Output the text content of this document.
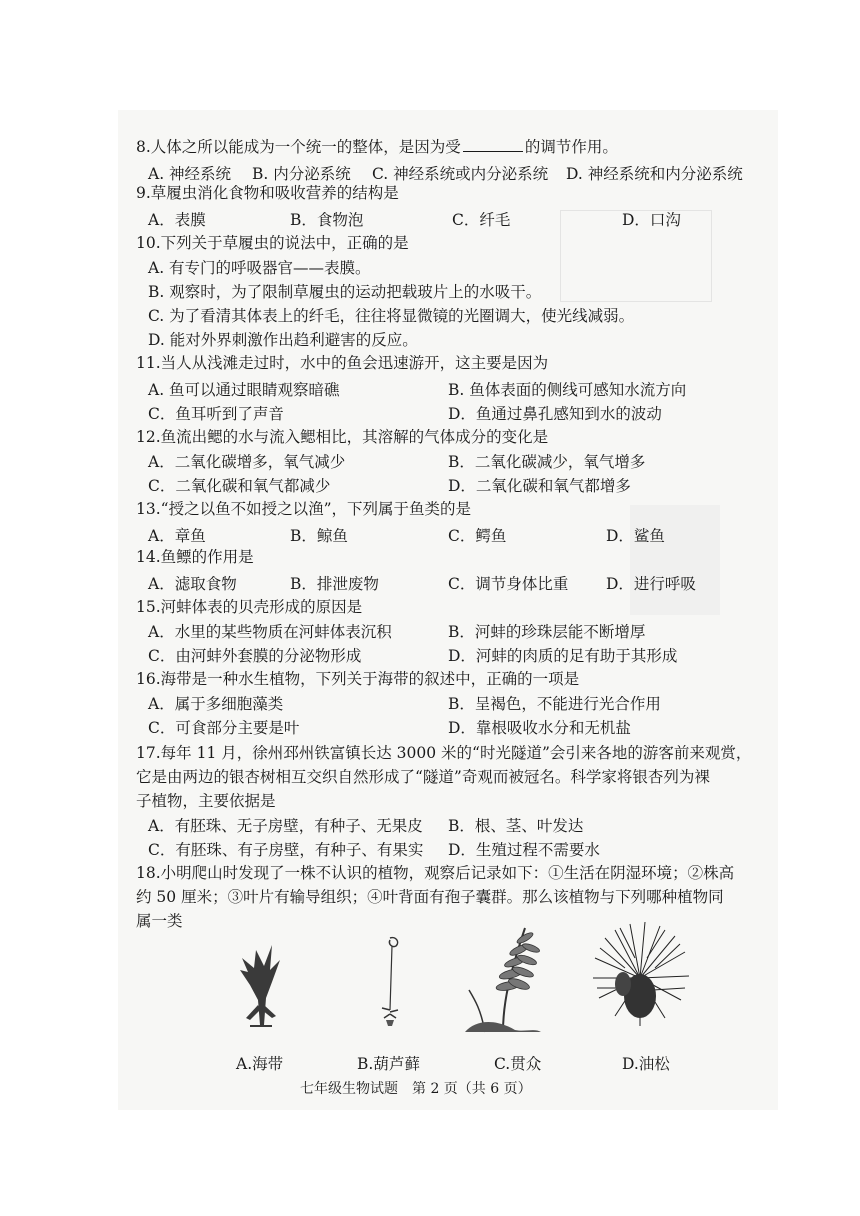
8.人体之所以能成为一个统一的整体，是因为受	的调节作用。
A. 神经系统 B. 内分泌系统 C. 神经系统或内分泌系统 D. 神经系统和内分泌系统
9.草履虫消化食物和吸收营养的结构是
A．表膜	B．食物泡	C．纤毛	D．口沟
10.下列关于草履虫的说法中，正确的是
A. 有专门的呼吸器官——表膜。
B. 观察时，为了限制草履虫的运动把载玻片上的水吸干。
C. 为了看清其体表上的纤毛，往往将显微镜的光圈调大，使光线减弱。
D. 能对外界刺激作出趋利避害的反应。
11.当人从浅滩走过时，水中的鱼会迅速游开，这主要是因为
A. 鱼可以通过眼睛观察暗礁	B. 鱼体表面的侧线可感知水流方向
C．鱼耳听到了声音	D．鱼通过鼻孔感知到水的波动
12.鱼流出鳃的水与流入鳃相比，其溶解的气体成分的变化是
A．二氧化碳增多，氧气减少	B．二氧化碳减少，氧气增多
C．二氧化碳和氧气都减少	D．二氧化碳和氧气都增多
13.“授之以鱼不如授之以渔”，下列属于鱼类的是
A．章鱼	B．鲸鱼	C．鳄鱼	D．鲨鱼
14.鱼鳔的作用是
A．滤取食物	B．排泄废物	C．调节身体比重 D．进行呼吸
15.河蚌体表的贝壳形成的原因是
A．水里的某些物质在河蚌体表沉积	B．河蚌的珍珠层能不断增厚
C．由河蚌外套膜的分泌物形成	D．河蚌的肉质的足有助于其形成
16.海带是一种水生植物，下列关于海带的叙述中，正确的一项是
A．属于多细胞藻类	B．呈褐色，不能进行光合作用
C．可食部分主要是叶	D．靠根吸收水分和无机盐
17.每年 11 月，徐州邳州铁富镇长达 3000 米的“时光隧道”会引来各地的游客前来观赏，
它是由两边的银杏树相互交织自然形成了“隧道”奇观而被冠名。科学家将银杏列为裸
子植物，主要依据是
A．有胚珠、无子房壁，有种子、无果皮 B．根、茎、叶发达
C．有胚珠、有子房壁，有种子、有果实 D．生殖过程不需要水
18.小明爬山时发现了一株不认识的植物，观察后记录如下：①生活在阴湿环境；②株高
约 50 厘米；③叶片有输导组织；④叶背面有孢子囊群。那么该植物与下列哪种植物同
属一类
A.海带	B.葫芦藓	C.贯众	D.油松
七年级生物试题　第 2 页（共 6 页）
